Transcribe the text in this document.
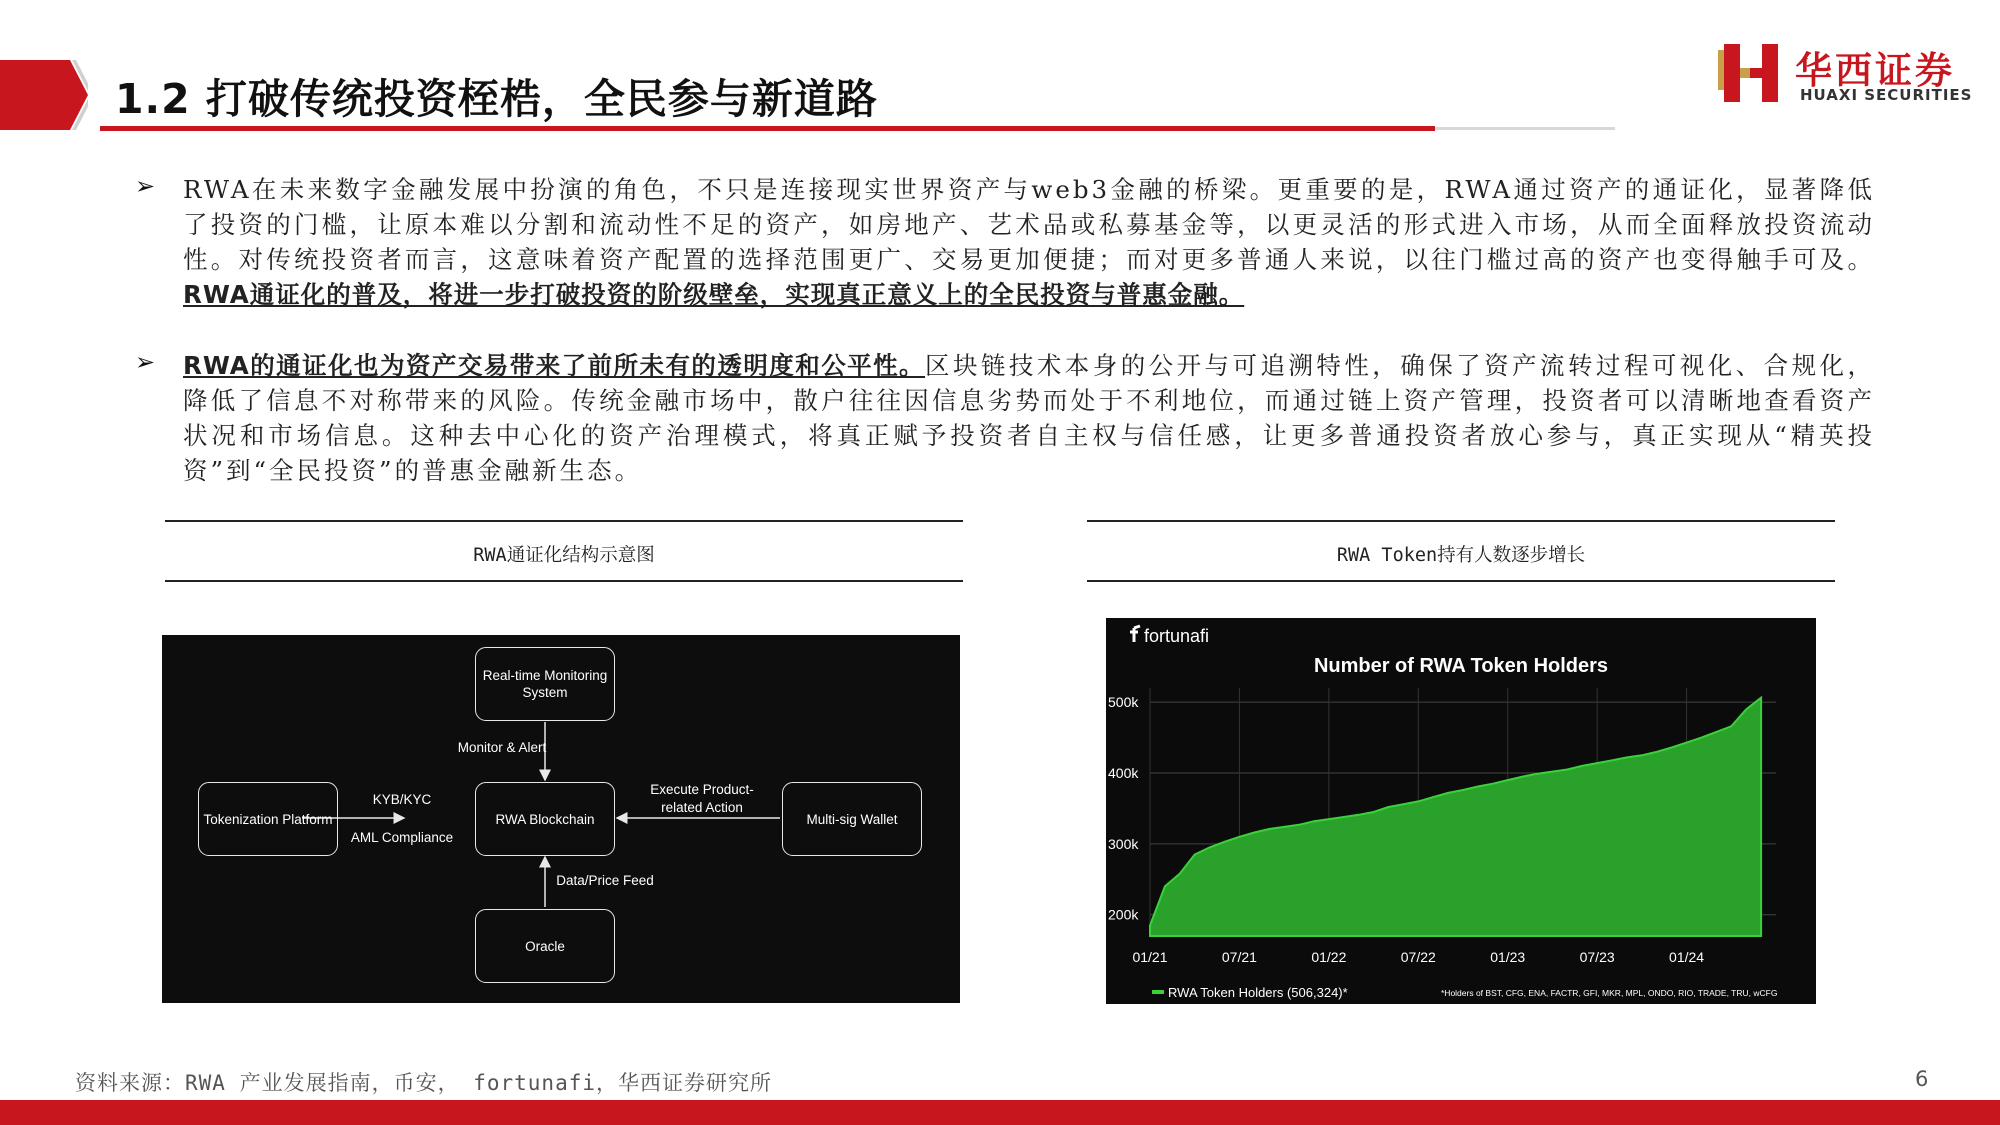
1.2 打破传统投资桎梏，全民参与新道路
华西证券
HUAXI SECURITIES
➢ RWA在未来数字金融发展中扮演的角色，不只是连接现实世界资产与web3金融的桥梁。更重要的是，RWA通过资产的通证化，显著降低了投资的门槛，让原本难以分割和流动性不足的资产，如房地产、艺术品或私募基金等，以更灵活的形式进入市场，从而全面释放投资流动性。对传统投资者而言，这意味着资产配置的选择范围更广、交易更加便捷；而对更多普通人来说，以往门槛过高的资产也变得触手可及。RWA通证化的普及，将进一步打破投资的阶级壁垒，实现真正意义上的全民投资与普惠金融。

➢ RWA的通证化也为资产交易带来了前所未有的透明度和公平性。区块链技术本身的公开与可追溯特性，确保了资产流转过程可视化、合规化，降低了信息不对称带来的风险。传统金融市场中，散户往往因信息劣势而处于不利地位，而通过链上资产管理，投资者可以清晰地查看资产状况和市场信息。这种去中心化的资产治理模式，将真正赋予投资者自主权与信任感，让更多普通投资者放心参与，真正实现从“精英投资”到“全民投资”的普惠金融新生态。

RWA通证化结构示意图	RWA Token持有人数逐步增长
Real-time Monitoring System
Tokenization Platform	RWA Blockchain	Multi-sig Wallet
Oracle
Monitor & Alert
KYB/KYC
AML Compliance
Execute Product-
related Action
Data/Price Feed
fortunafi
Number of RWA Token Holders
200k
300k
400k
500k
01/21	07/21	01/22	07/22	01/23	07/23	01/24
RWA Token Holders (506,324)*	*Holders of BST, CFG, ENA, FACTR, GFI, MKR, MPL, ONDO, RIO, TRADE, TRU, wCFG
资料来源：RWA 产业发展指南，币安， fortunafi，华西证券研究所	6
